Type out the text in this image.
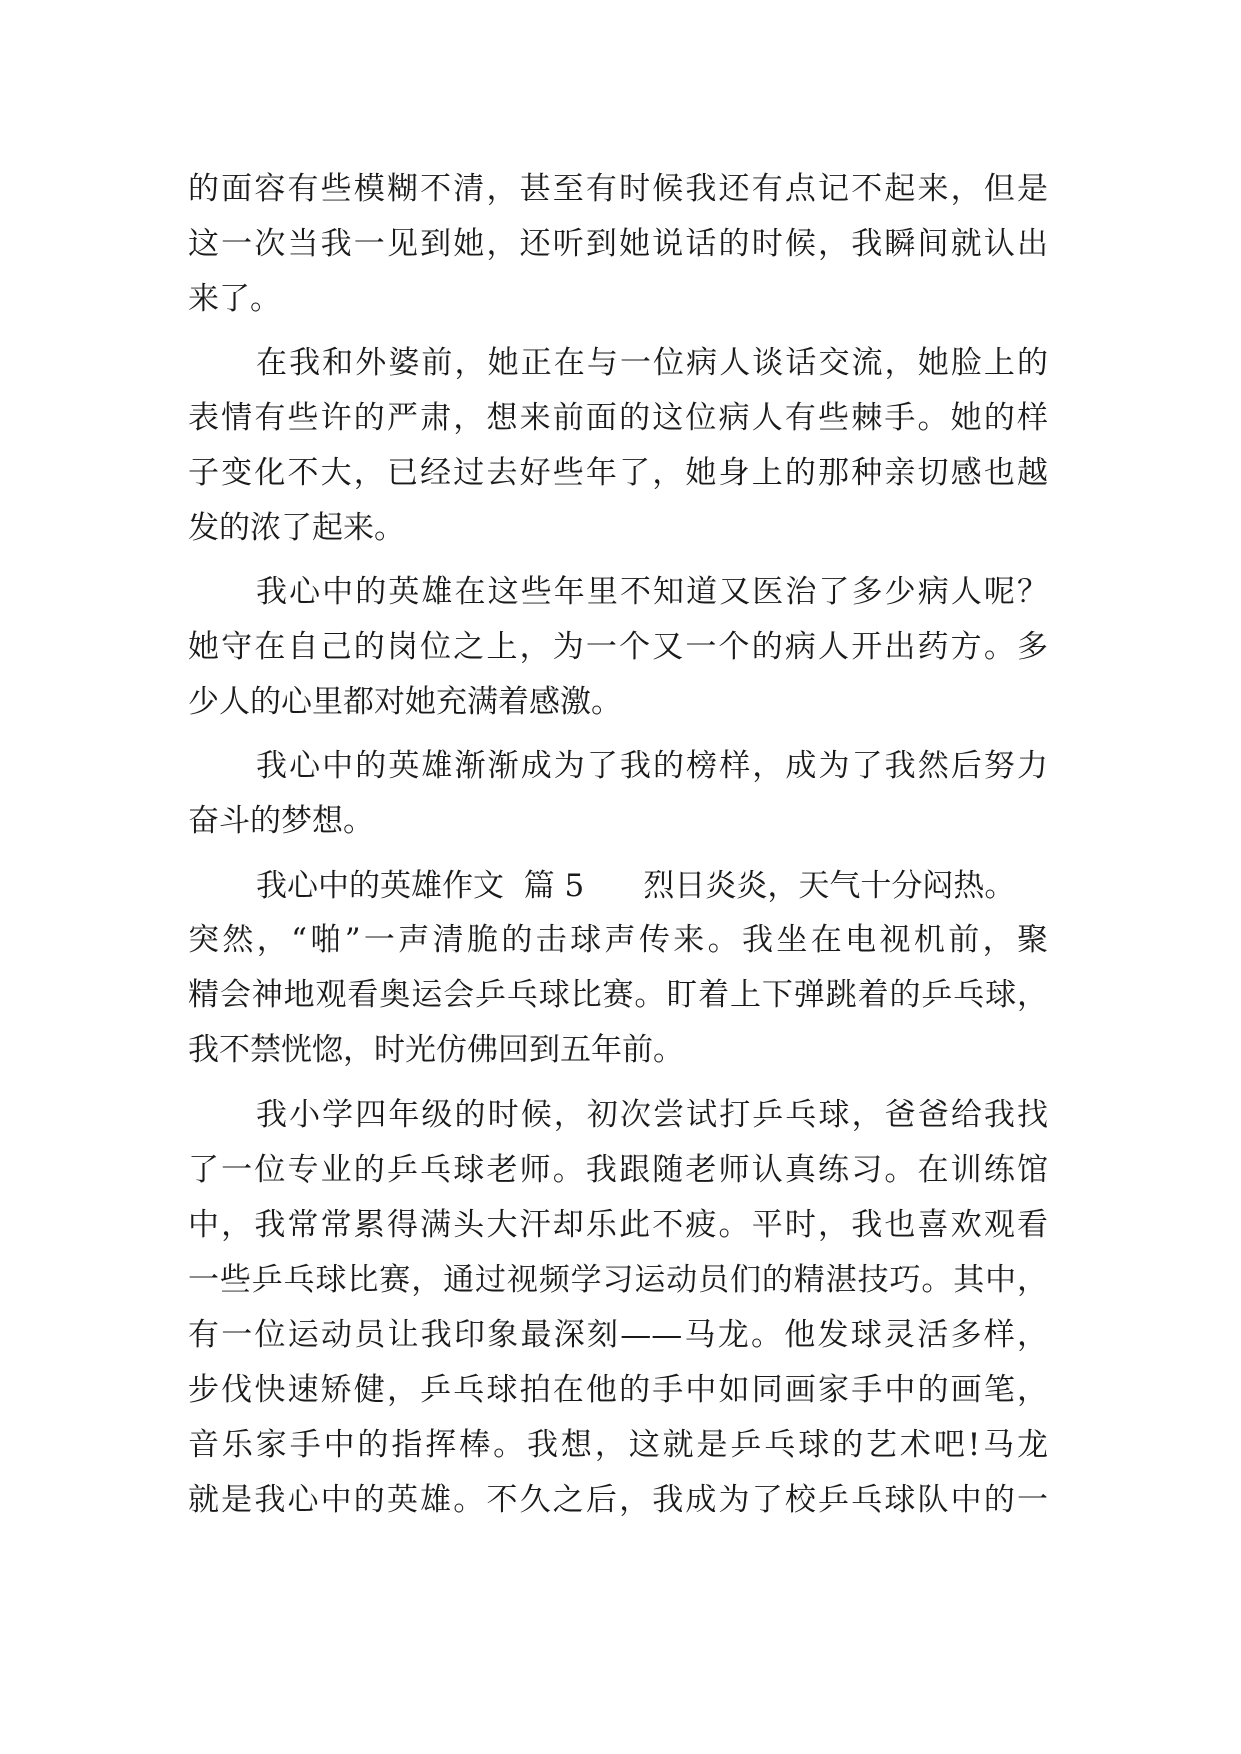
的面容有些模糊不清，甚至有时候我还有点记不起来，但是
这一次当我一见到她，还听到她说话的时候，我瞬间就认出
来了。
在我和外婆前，她正在与一位病人谈话交流，她脸上的
表情有些许的严肃，想来前面的这位病人有些棘手。她的样
子变化不大，已经过去好些年了，她身上的那种亲切感也越
发的浓了起来。
我心中的英雄在这些年里不知道又医治了多少病人呢？
她守在自己的岗位之上，为一个又一个的病人开出药方。多
少人的心里都对她充满着感激。
我心中的英雄渐渐成为了我的榜样，成为了我然后努力
奋斗的梦想。
我心中的英雄作文  篇 5      烈日炎炎，天气十分闷热。
突然，“啪”一声清脆的击球声传来。我坐在电视机前，聚
精会神地观看奥运会乒乓球比赛。盯着上下弹跳着的乒乓球，
我不禁恍惚，时光仿佛回到五年前。
我小学四年级的时候，初次尝试打乒乓球，爸爸给我找
了一位专业的乒乓球老师。我跟随老师认真练习。在训练馆
中，我常常累得满头大汗却乐此不疲。平时，我也喜欢观看
一些乒乓球比赛，通过视频学习运动员们的精湛技巧。其中，
有一位运动员让我印象最深刻——马龙。他发球灵活多样，
步伐快速矫健，乒乓球拍在他的手中如同画家手中的画笔，
音乐家手中的指挥棒。我想，这就是乒乓球的艺术吧!马龙
就是我心中的英雄。不久之后，我成为了校乒乓球队中的一
